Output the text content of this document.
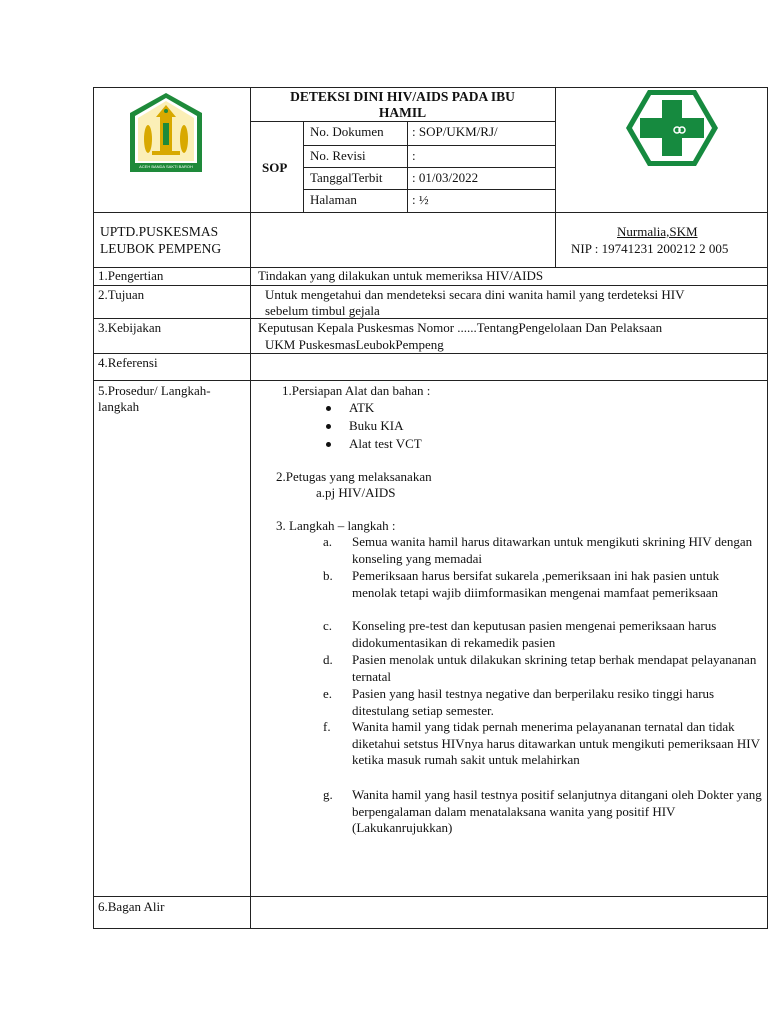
ACEH BANDA SAKTI BAROH
DETEKSI DINI HIV/AIDS PADA IBU
HAMIL
SOP
No. Dokumen : SOP/UKM/RJ/
No. Revisi	:
TanggalTerbit : 01/03/2022
Halaman	: ½
UPTD.PUSKESMAS
LEUBOK PEMPENG
Nurmalia,SKM
NIP : 19741231 200212 2 005
1.Pengertian	Tindakan yang dilakukan untuk memeriksa HIV/AIDS
2.Tujuan	Untuk mengetahui dan mendeteksi secara dini wanita hamil yang terdeteksi HIV
sebelum timbul gejala
3.Kebijakan	Keputusan Kepala Puskesmas Nomor ......TentangPengelolaan Dan Pelaksaan
UKM PuskesmasLeubokPempeng
4.Referensi
5.Prosedur/ Langkah-
langkah
1.Persiapan Alat dan bahan :
ATK
Buku KIA
Alat test VCT
2.Petugas yang melaksanakan
a.pj HIV/AIDS
3. Langkah – langkah :
a.	Semua wanita hamil harus ditawarkan untuk mengikuti skrining HIV dengan konseling yang memadai
b.	Pemeriksaan harus bersifat sukarela ,pemeriksaan ini hak pasien untuk menolak tetapi wajib diimformasikan mengenai mamfaat pemeriksaan
c.	Konseling pre-test dan keputusan pasien mengenai pemeriksaan harus didokumentasikan di rekamedik pasien
d.	Pasien menolak untuk dilakukan skrining tetap berhak mendapat pelayananan ternatal
e.	Pasien yang hasil testnya negative dan berperilaku resiko tinggi harus ditestulang setiap semester.
f.	Wanita hamil yang tidak pernah menerima pelayananan ternatal dan tidak diketahui setstus HIVnya harus ditawarkan untuk mengikuti pemeriksaan HIV ketika masuk rumah sakit untuk melahirkan
g.	Wanita hamil yang hasil testnya positif selanjutnya ditangani oleh Dokter yang berpengalaman dalam menatalaksana wanita yang positif HIV (Lakukanrujukkan)
6.Bagan Alir
